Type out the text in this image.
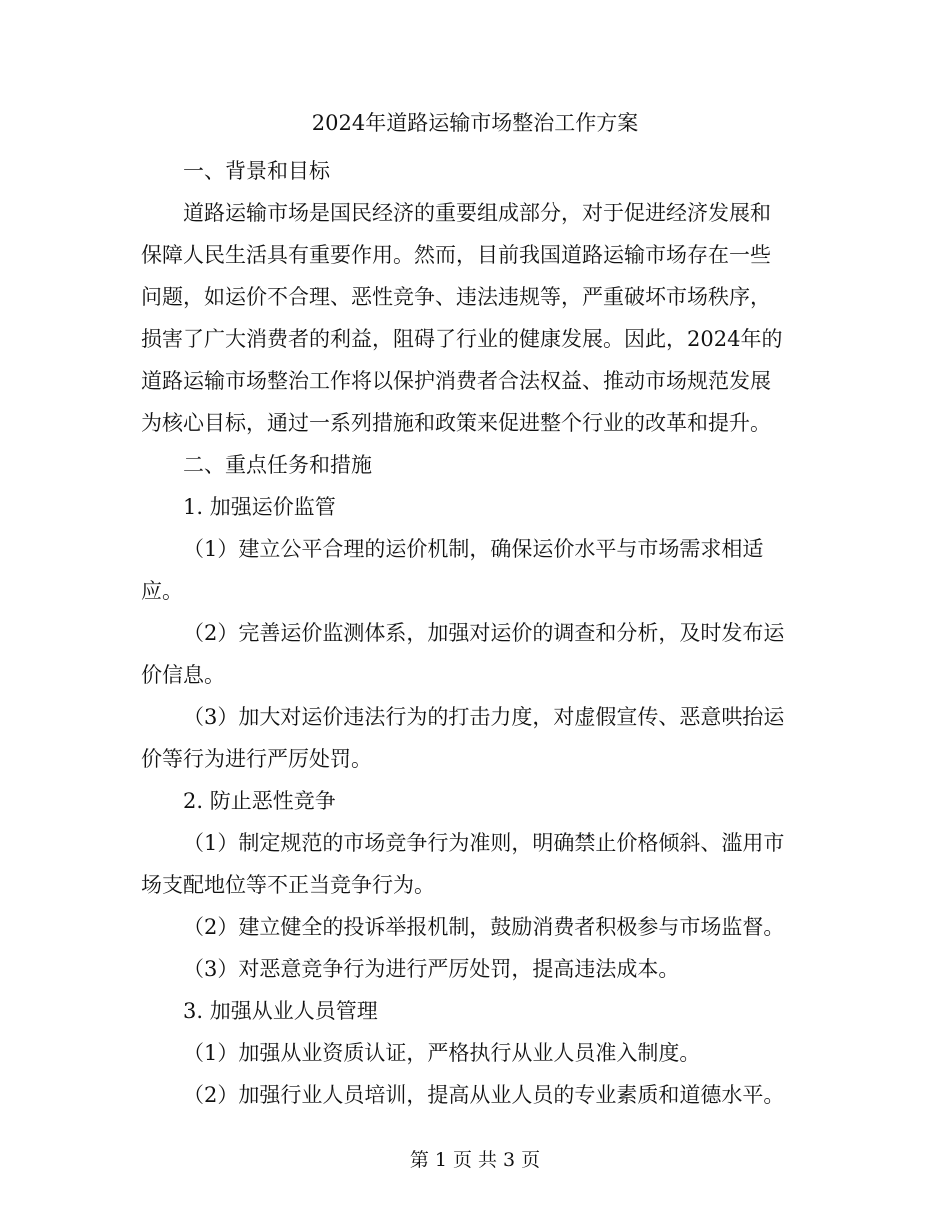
2024年道路运输市场整治工作方案

一、背景和目标

道路运输市场是国民经济的重要组成部分，对于促进经济发展和

保障人民生活具有重要作用。然而，目前我国道路运输市场存在一些

问题，如运价不合理、恶性竞争、违法违规等，严重破坏市场秩序，

损害了广大消费者的利益，阻碍了行业的健康发展。因此，2024年的

道路运输市场整治工作将以保护消费者合法权益、推动市场规范发展

为核心目标，通过一系列措施和政策来促进整个行业的改革和提升。

二、重点任务和措施

1. 加强运价监管

（1）建立公平合理的运价机制，确保运价水平与市场需求相适

应。

（2）完善运价监测体系，加强对运价的调查和分析，及时发布运

价信息。

（3）加大对运价违法行为的打击力度，对虚假宣传、恶意哄抬运

价等行为进行严厉处罚。

2. 防止恶性竞争

（1）制定规范的市场竞争行为准则，明确禁止价格倾斜、滥用市

场支配地位等不正当竞争行为。

（2）建立健全的投诉举报机制，鼓励消费者积极参与市场监督。

（3）对恶意竞争行为进行严厉处罚，提高违法成本。

3. 加强从业人员管理

（1）加强从业资质认证，严格执行从业人员准入制度。

（2）加强行业人员培训，提高从业人员的专业素质和道德水平。

第 1 页 共 3 页
